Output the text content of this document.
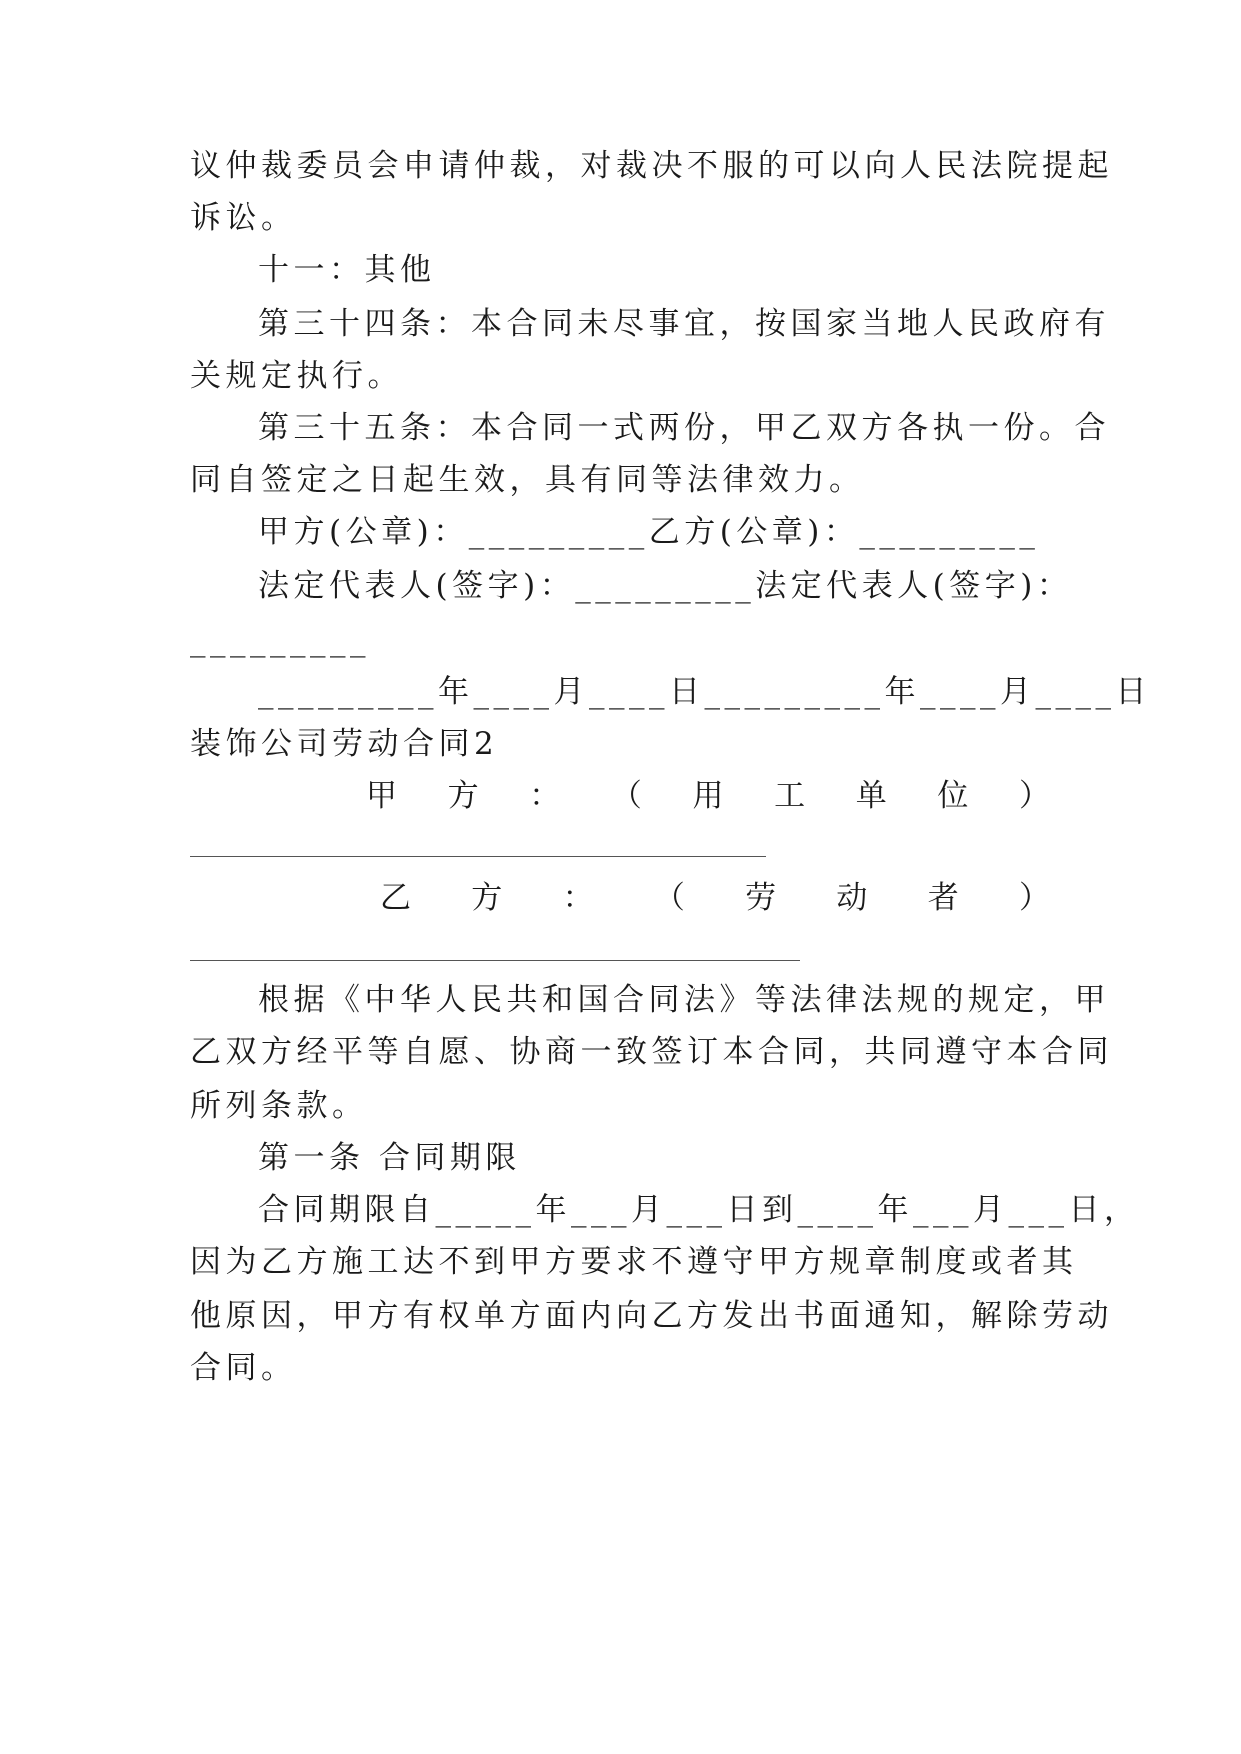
议仲裁委员会申请仲裁，对裁决不服的可以向人民法院提起
诉讼。
十一：其他
第三十四条：本合同未尽事宜，按国家当地人民政府有
关规定执行。
第三十五条：本合同一式两份，甲乙双方各执一份。合
同自签定之日起生效，具有同等法律效力。
甲方(公章)：_________乙方(公章)：_________
法定代表人(签字)：_________法定代表人(签字)：
_________
_________年____月____日_________年____月____日
装饰公司劳动合同2
甲 方 ： （ 用 工 单 位 ）
乙 方 ： （ 劳 动 者 ）
根据《中华人民共和国合同法》等法律法规的规定，甲
乙双方经平等自愿、协商一致签订本合同，共同遵守本合同
所列条款。
第一条 合同期限
合同期限自_____年___月___日到____年___月___日，
因为乙方施工达不到甲方要求不遵守甲方规章制度或者其
他原因，甲方有权单方面内向乙方发出书面通知，解除劳动
合同。
